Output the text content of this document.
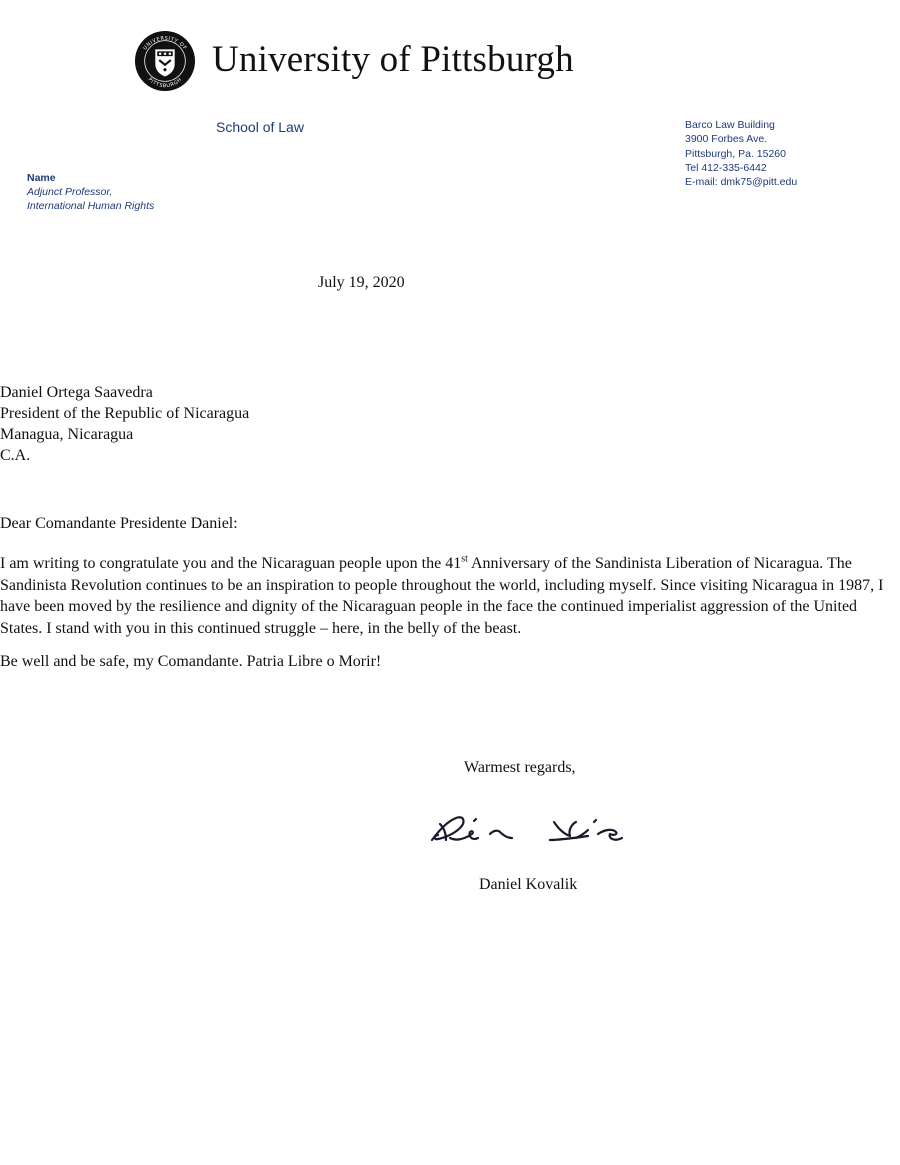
UNIVERSITY OF
PITTSBURGH
University of Pittsburgh
School of Law	Barco Law Building
3900 Forbes Ave.
Pittsburgh, Pa. 15260
Tel 412-335-6442
E-mail: dmk75@pitt.edu
Name
Adjunct Professor,
International Human Rights
July 19, 2020
Daniel Ortega Saavedra
President of the Republic of Nicaragua
Managua, Nicaragua
C.A.
Dear Comandante Presidente Daniel:

I am writing to congratulate you and the Nicaraguan people upon the 41st Anniversary of the Sandinista Liberation of Nicaragua. The Sandinista Revolution continues to be an inspiration to people throughout the world, including myself. Since visiting Nicaragua in 1987, I have been moved by the resilience and dignity of the Nicaraguan people in the face the continued imperialist aggression of the United States. I stand with you in this continued struggle – here, in the belly of the beast.

Be well and be safe, my Comandante. Patria Libre o Morir!
Warmest regards,
Daniel Kovalik
